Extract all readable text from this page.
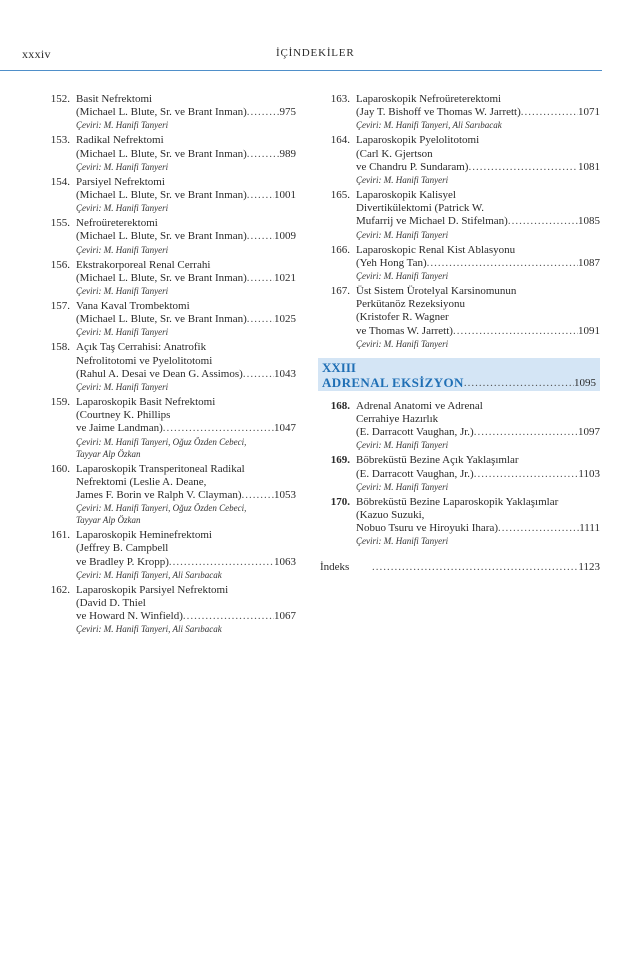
xxxiv	İÇİNDEKİLER
152. Basit Nefrektomi
(Michael L. Blute, Sr. ve Brant Inman) .....	975
Çeviri: M. Hanifi Tanyeri
153. Radikal Nefrektomi
(Michael L. Blute, Sr. ve Brant Inman) .....	989
Çeviri: M. Hanifi Tanyeri
154. Parsiyel Nefrektomi
(Michael L. Blute, Sr. ve Brant Inman) ..... 1001
Çeviri: M. Hanifi Tanyeri
155. Nefroüreterektomi
(Michael L. Blute, Sr. ve Brant Inman) ..... 1009
Çeviri: M. Hanifi Tanyeri
156. Ekstrakorporeal Renal Cerrahi
(Michael L. Blute, Sr. ve Brant Inman) ..... 1021
Çeviri: M. Hanifi Tanyeri
157. Vana Kaval Trombektomi
(Michael L. Blute, Sr. ve Brant Inman) ..... 1025
Çeviri: M. Hanifi Tanyeri
158. Açık Taş Cerrahisi: Anatrofik
Nefrolitotomi ve Pyelolitotomi
(Rahul A. Desai ve Dean G. Assimos) .....	1043
Çeviri: M. Hanifi Tanyeri
159. Laparoskopik Basit Nefrektomi
(Courtney K. Phillips
ve Jaime Landman) .....	1047
Çeviri: M. Hanifi Tanyeri, Oğuz Özden Cebeci,
Tayyar Alp Özkan
160. Laparoskopik Transperitoneal Radikal
Nefrektomi (Leslie A. Deane,
James F. Borin ve Ralph V. Clayman) .....	1053
Çeviri: M. Hanifi Tanyeri, Oğuz Özden Cebeci,
Tayyar Alp Özkan
161. Laparoskopik Heminefrektomi
(Jeffrey B. Campbell
ve Bradley P. Kropp) .....	1063
Çeviri: M. Hanifi Tanyeri, Ali Sarıbacak
162. Laparoskopik Parsiyel Nefrektomi
(David D. Thiel
ve Howard N. Winfield) .....	1067
Çeviri: M. Hanifi Tanyeri, Ali Sarıbacak
163. Laparoskopik Nefroüreterektomi
(Jay T. Bishoff ve Thomas W. Jarrett) .....	1071
Çeviri: M. Hanifi Tanyeri, Ali Sarıbacak
164. Laparoskopik Pyelolitotomi
(Carl K. Gjertson
ve Chandru P. Sundaram) .....	1081
Çeviri: M. Hanifi Tanyeri
165. Laparoskopik Kalisyel
Divertikülektomi (Patrick W.
Mufarrij ve Michael D. Stifelman) .....	1085
Çeviri: M. Hanifi Tanyeri
166. Laparoskopic Renal Kist Ablasyonu
(Yeh Hong Tan) .....	1087
Çeviri: M. Hanifi Tanyeri
167. Üst Sistem Ürotelyal Karsinomunun
Perkütanöz Rezeksiyonu
(Kristofer R. Wagner
ve Thomas W. Jarrett) .....	1091
Çeviri: M. Hanifi Tanyeri
XXIII
ADRENAL EKSİZYON .....	1095
168. Adrenal Anatomi ve Adrenal
Cerrahiye Hazırlık
(E. Darracott Vaughan, Jr.) .....	1097
Çeviri: M. Hanifi Tanyeri
169. Böbreküstü Bezine Açık Yaklaşımlar
(E. Darracott Vaughan, Jr.) .....	1103
Çeviri: M. Hanifi Tanyeri
170. Böbreküstü Bezine Laparoskopik Yaklaşımlar
(Kazuo Suzuki,
Nobuo Tsuru ve Hiroyuki Ihara) .....	1111
Çeviri: M. Hanifi Tanyeri
İndeks .....	1123
